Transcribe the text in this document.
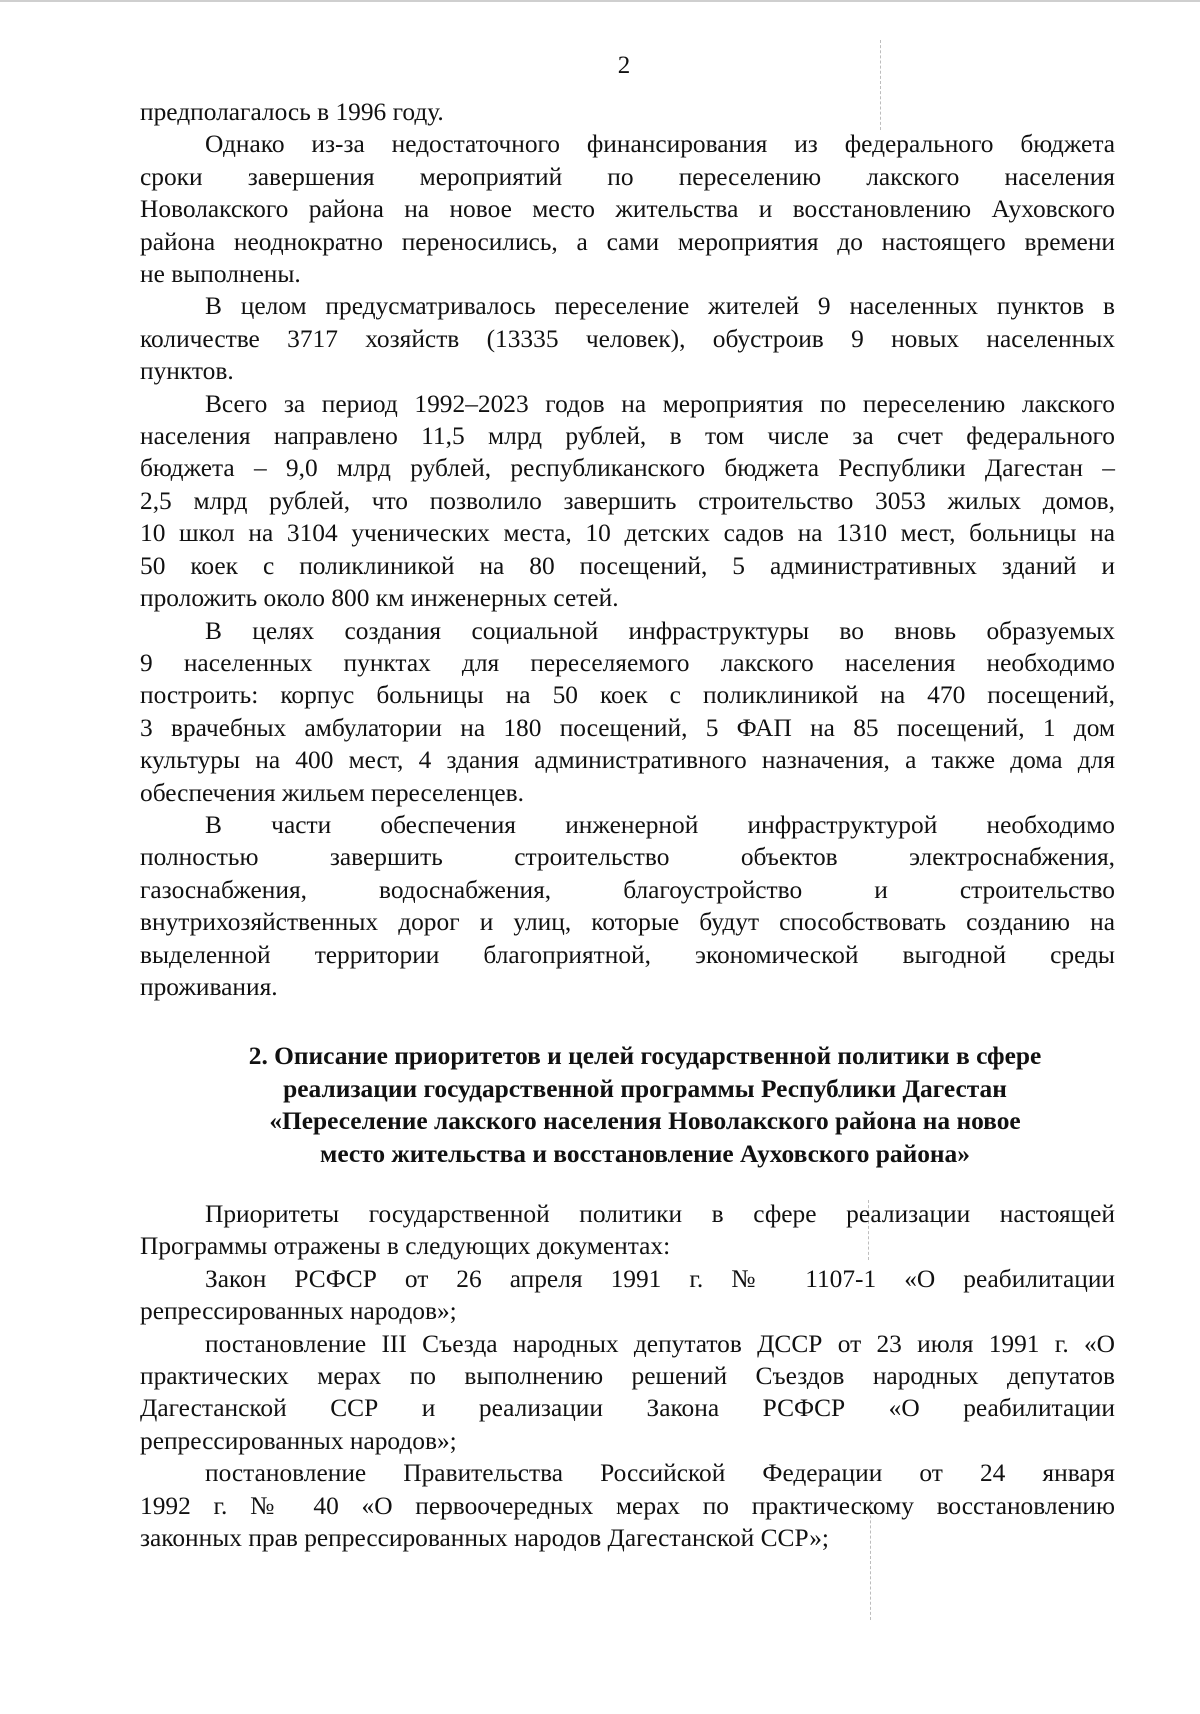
2

предполагалось в 1996 году.

Однако из-за недостаточного финансирования из федерального бюджета
сроки завершения мероприятий по переселению лакского населения
Новолакского района на новое место жительства и восстановлению Ауховского
района неоднократно переносились, а сами мероприятия до настоящего времени
не выполнены.

В целом предусматривалось переселение жителей 9 населенных пунктов в
количестве 3717 хозяйств (13335 человек), обустроив 9 новых населенных
пунктов.

Всего за период 1992–2023 годов на мероприятия по переселению лакского
населения направлено 11,5 млрд рублей, в том числе за счет федерального
бюджета – 9,0 млрд рублей, республиканского бюджета Республики Дагестан –
2,5 млрд рублей, что позволило завершить строительство 3053 жилых домов,
10 школ на 3104 ученических места, 10 детских садов на 1310 мест, больницы на
50 коек с поликлиникой на 80 посещений, 5 административных зданий и
проложить около 800 км инженерных сетей.

В целях создания социальной инфраструктуры во вновь образуемых
9 населенных пунктах для переселяемого лакского населения необходимо
построить: корпус больницы на 50 коек с поликлиникой на 470 посещений,
3 врачебных амбулатории на 180 посещений, 5 ФАП на 85 посещений, 1 дом
культуры на 400 мест, 4 здания административного назначения, а также дома для
обеспечения жильем переселенцев.

В части обеспечения инженерной инфраструктурой необходимо
полностью завершить строительство объектов электроснабжения,
газоснабжения, водоснабжения, благоустройство и строительство
внутрихозяйственных дорог и улиц, которые будут способствовать созданию на
выделенной территории благоприятной, экономической выгодной среды
проживания.

2. Описание приоритетов и целей государственной политики в сфере
реализации государственной программы Республики Дагестан
«Переселение лакского населения Новолакского района на новое
место жительства и восстановление Ауховского района»

Приоритеты государственной политики в сфере реализации настоящей
Программы отражены в следующих документах:

Закон РСФСР от 26 апреля 1991 г. № 1107-1 «О реабилитации
репрессированных народов»;

постановление III Съезда народных депутатов ДССР от 23 июля 1991 г. «О
практических мерах по выполнению решений Съездов народных депутатов
Дагестанской ССР и реализации Закона РСФСР «О реабилитации
репрессированных народов»;

постановление Правительства Российской Федерации от 24 января
1992 г. № 40 «О первоочередных мерах по практическому восстановлению
законных прав репрессированных народов Дагестанской ССР»;
